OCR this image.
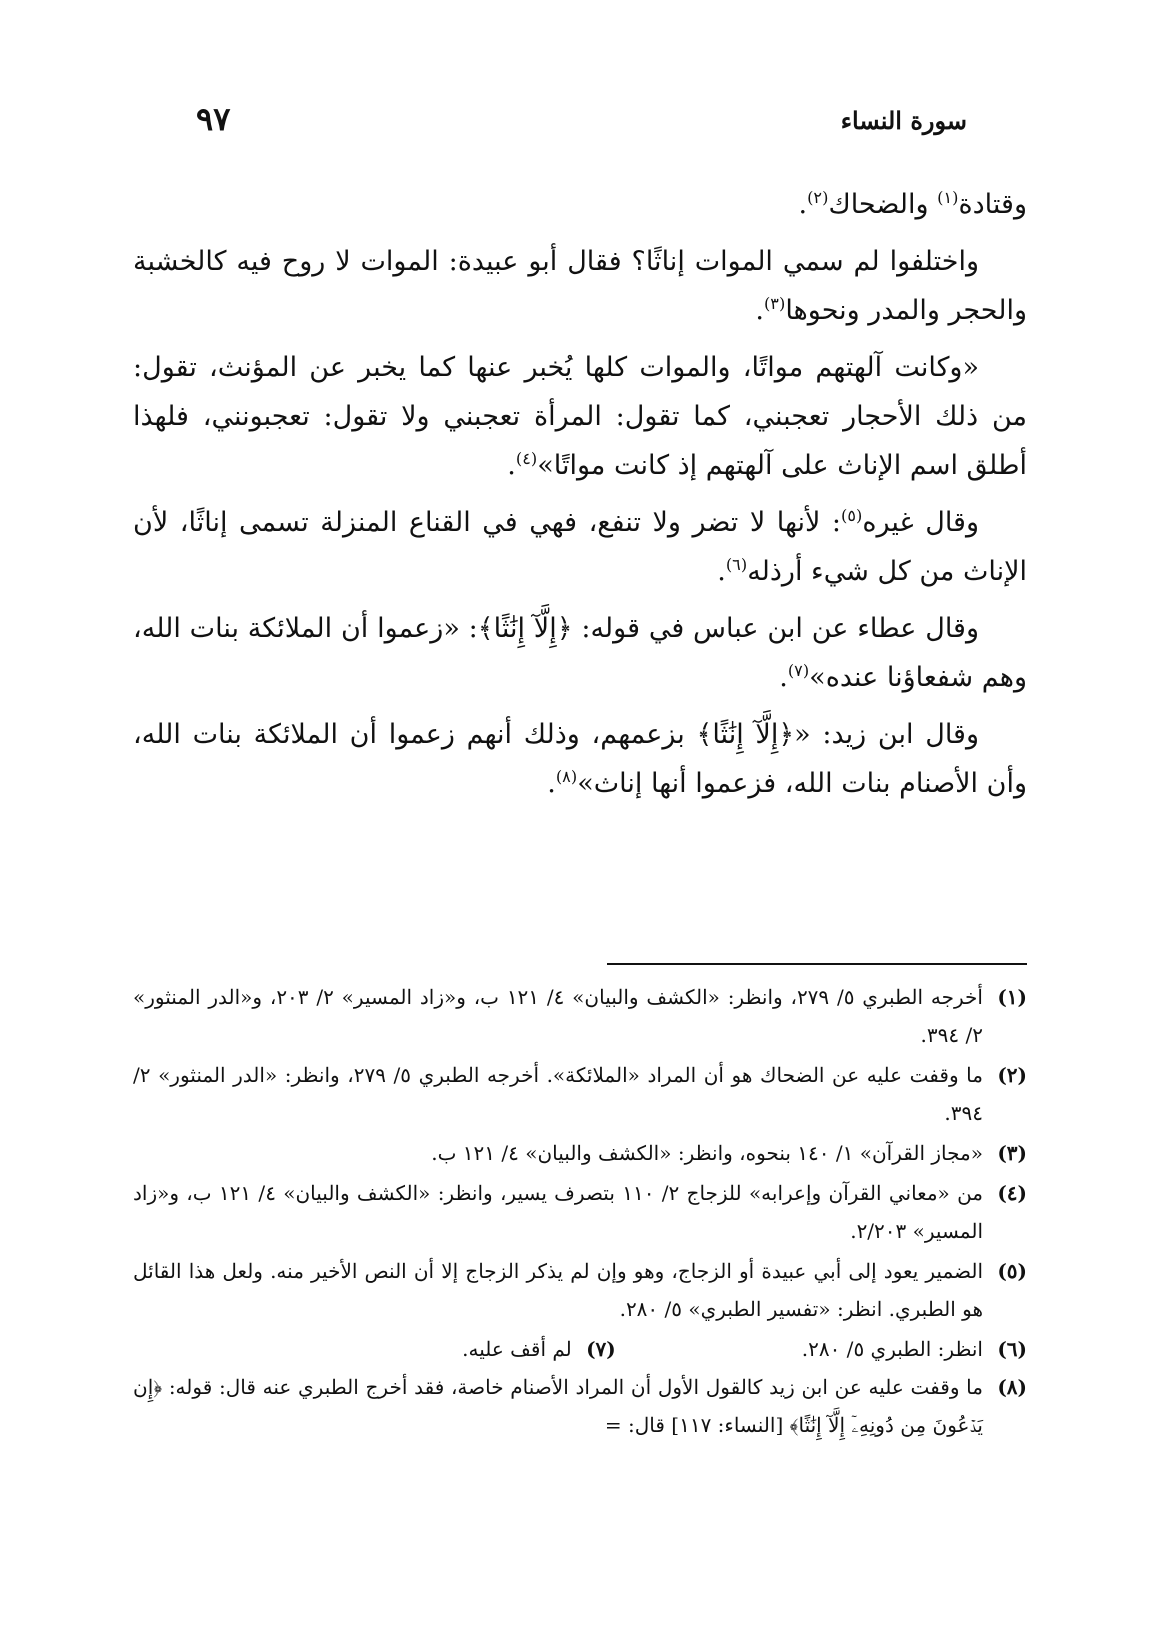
سورة النساء
٩٧

وقتادة$^{(١)}$ والضحاك$^{(٢)}$.

واختلفوا لم سمي الموات إناثًا؟ فقال أبو عبيدة: الموات لا روح فيه كالخشبة والحجر والمدر ونحوها$^{(٣)}$.

«وكانت آلهتهم مواتًا، والموات كلها يُخبر عنها كما يخبر عن المؤنث، تقول: من ذلك الأحجار تعجبني، كما تقول: المرأة تعجبني ولا تقول: تعجبونني، فلهذا أطلق اسم الإناث على آلهتهم إذ كانت مواتًا»$^{(٤)}$.

وقال غيره$^{(٥)}$: لأنها لا تضر ولا تنفع، فهي في القناع المنزلة تسمى إناثًا، لأن الإناث من كل شيء أرذله$^{(٦)}$.

وقال عطاء عن ابن عباس في قوله: ﴿إِلَّآ إِنَٰثًا﴾: «زعموا أن الملائكة بنات الله، وهم شفعاؤنا عنده»$^{(٧)}$.

وقال ابن زيد: «﴿إِلَّآ إِنَٰثًا﴾ بزعمهم، وذلك أنهم زعموا أن الملائكة بنات الله، وأن الأصنام بنات الله، فزعموا أنها إناث»$^{(٨)}$.

(١)
أخرجه الطبري ٥/ ٢٧٩، وانظر: «الكشف والبيان» ٤/ ١٢١ ب، و«زاد المسير» ٢/ ٢٠٣، و«الدر المنثور» ٢/ ٣٩٤.
(٢)
ما وقفت عليه عن الضحاك هو أن المراد «الملائكة». أخرجه الطبري ٥/ ٢٧٩، وانظر: «الدر المنثور» ٢/ ٣٩٤.
(٣)
«مجاز القرآن» ١/ ١٤٠ بنحوه، وانظر: «الكشف والبيان» ٤/ ١٢١ ب.
(٤)
من «معاني القرآن وإعرابه» للزجاج ٢/ ١١٠ بتصرف يسير، وانظر: «الكشف والبيان» ٤/ ١٢١ ب، و«زاد المسير» ٢/٢٠٣.
(٥)
الضمير يعود إلى أبي عبيدة أو الزجاج، وهو وإن لم يذكر الزجاج إلا أن النص الأخير منه. ولعل هذا القائل هو الطبري. انظر: «تفسير الطبري» ٥/ ٢٨٠.
(٦)
انظر: الطبري ٥/ ٢٨٠.
(٧)
لم أقف عليه.
(٨)
ما وقفت عليه عن ابن زيد كالقول الأول أن المراد الأصنام خاصة، فقد أخرج الطبري عنه قال: قوله: ﴿إِن يَدۡعُونَ مِن دُونِهِۦٓ إِلَّآ إِنَٰثًا﴾ [النساء: ١١٧] قال: =
